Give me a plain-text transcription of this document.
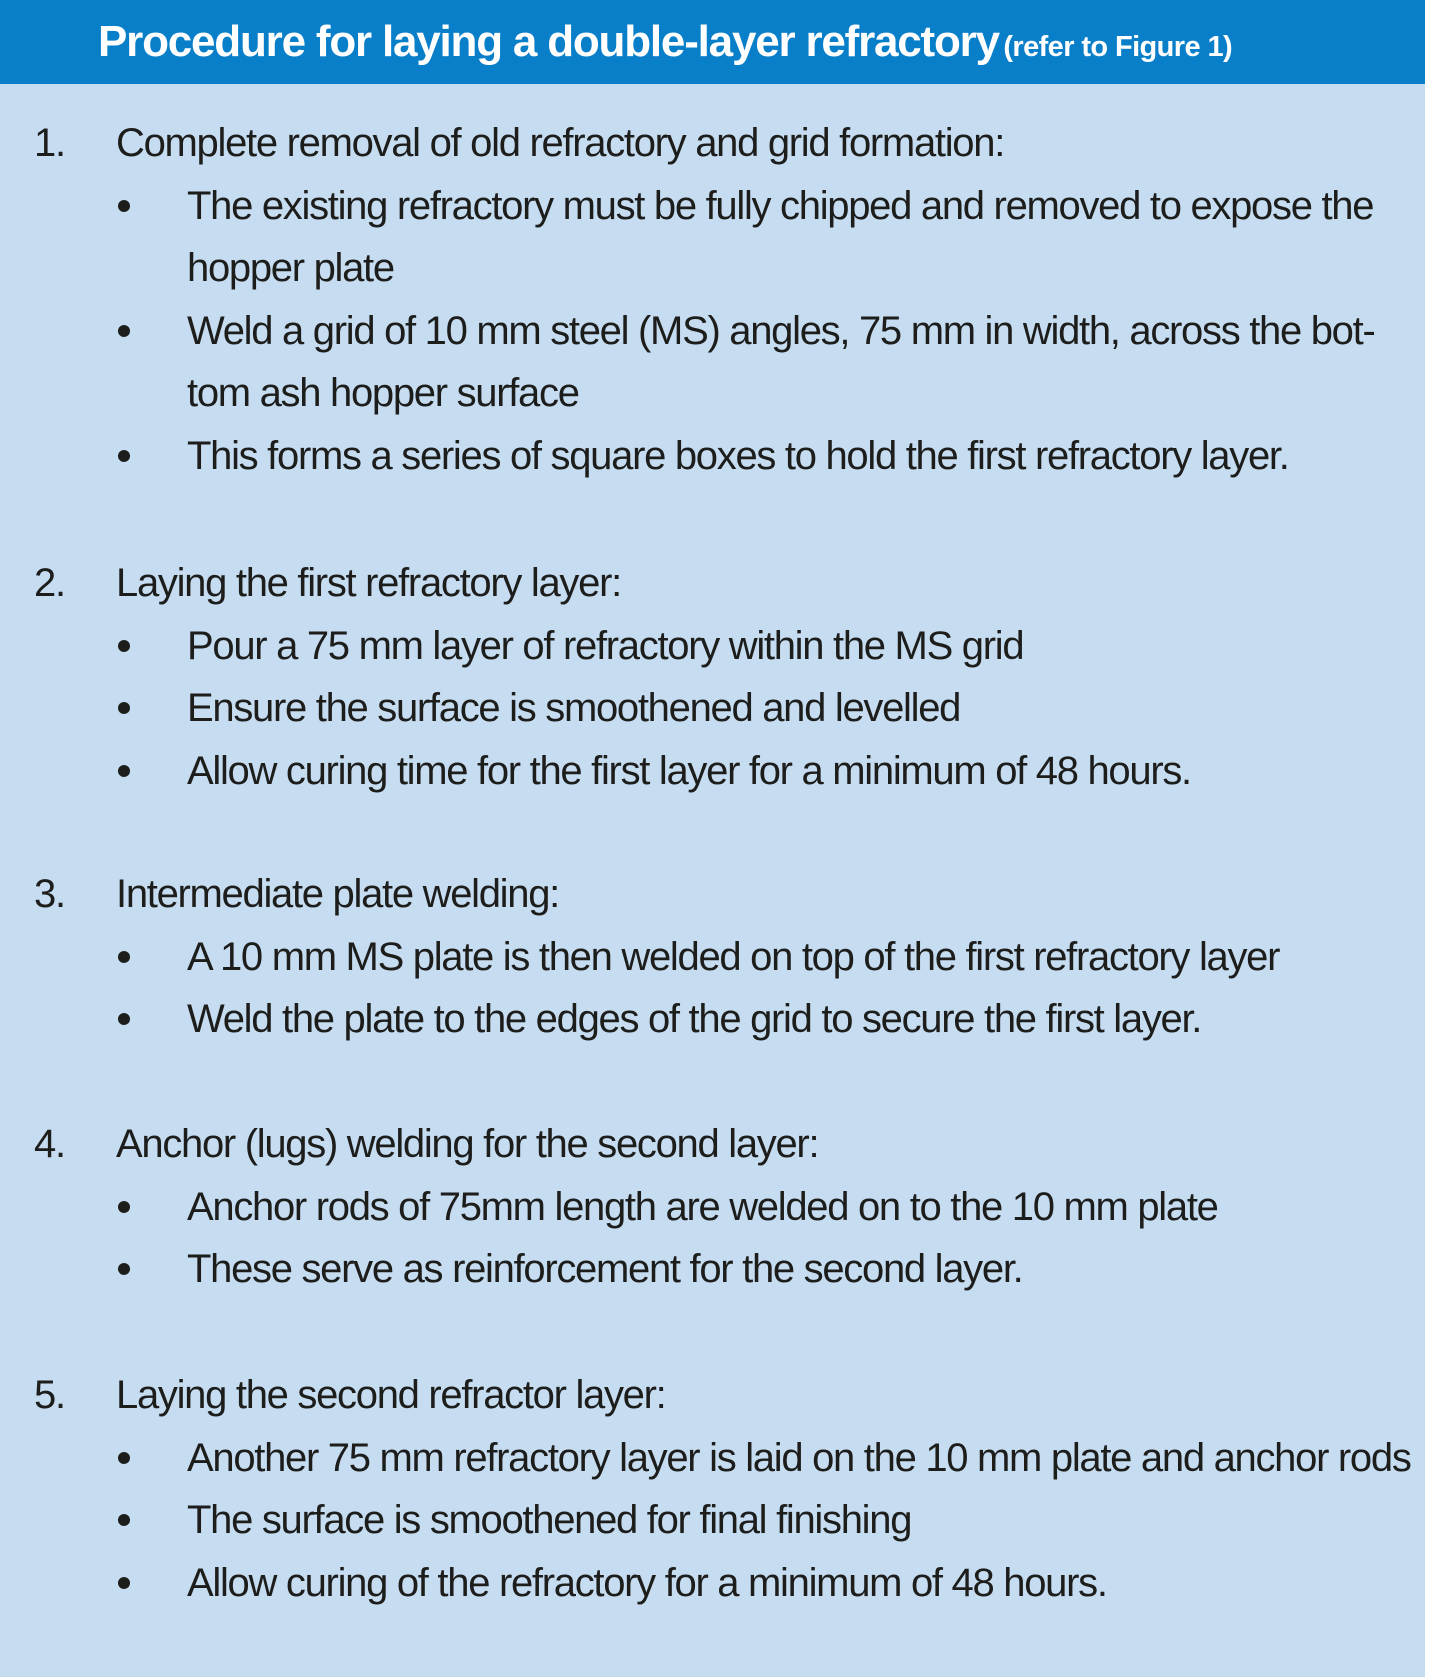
Procedure for laying a double-layer refractory (refer to Figure 1)
1. Complete removal of old refractory and grid formation:
The existing refractory must be fully chipped and removed to expose the
hopper plate
Weld a grid of 10 mm steel (MS) angles, 75 mm in width, across the bot-
tom ash hopper surface
This forms a series of square boxes to hold the first refractory layer.
2. Laying the first refractory layer:
Pour a 75 mm layer of refractory within the MS grid
Ensure the surface is smoothened and levelled
Allow curing time for the first layer for a minimum of 48 hours.
3. Intermediate plate welding:
A 10 mm MS plate is then welded on top of the first refractory layer
Weld the plate to the edges of the grid to secure the first layer.
4. Anchor (lugs) welding for the second layer:
Anchor rods of 75mm length are welded on to the 10 mm plate
These serve as reinforcement for the second layer.
5. Laying the second refractor layer:
Another 75 mm refractory layer is laid on the 10 mm plate and anchor rods
The surface is smoothened for final finishing
Allow curing of the refractory for a minimum of 48 hours.
